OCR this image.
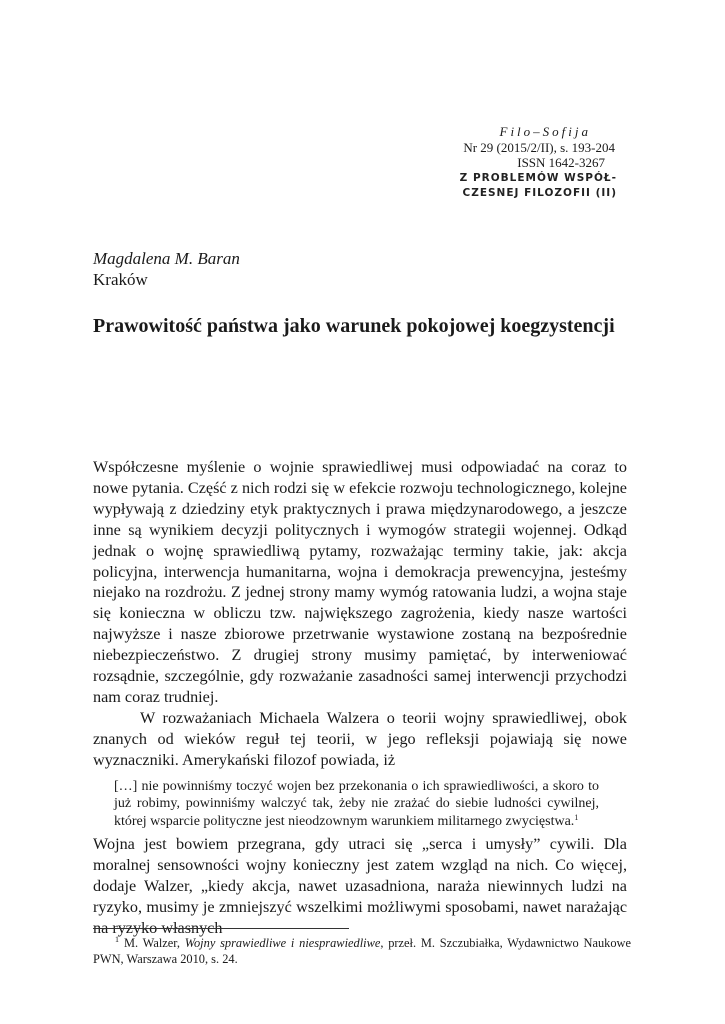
Filo–Sofija
Nr 29 (2015/2/II), s. 193-204
ISSN 1642-3267
Z PROBLEMÓW WSPÓŁ-
CZESNEJ FILOZOFII (II)
Magdalena M. Baran
Kraków
Prawowitość państwa jako warunek pokojowej koegzystencji

Współczesne myślenie o wojnie sprawiedliwej musi odpowiadać na coraz to nowe pytania. Część z nich rodzi się w efekcie rozwoju technologicznego, kolejne wypływają z dziedziny etyk praktycznych i prawa międzynarodowego, a jeszcze inne są wynikiem decyzji politycznych i wymogów strategii wojennej. Odkąd jednak o wojnę sprawiedliwą pytamy, rozważając terminy takie, jak: akcja policyjna, interwencja humanitarna, wojna i demokracja prewencyjna, jesteśmy niejako na rozdrożu. Z jednej strony mamy wymóg ratowania ludzi, a wojna staje się konieczna w obliczu tzw. największego zagrożenia, kiedy nasze wartości najwyższe i nasze zbiorowe przetrwanie wystawione zostaną na bezpośrednie niebezpieczeństwo. Z drugiej strony musimy pamiętać, by interweniować rozsądnie, szczególnie, gdy rozważanie zasadności samej interwencji przychodzi nam coraz trudniej.

W rozważaniach Michaela Walzera o teorii wojny sprawiedliwej, obok znanych od wieków reguł tej teorii, w jego refleksji pojawiają się nowe wyznaczniki. Amerykański filozof powiada, iż

[…] nie powinniśmy toczyć wojen bez przekonania o ich sprawiedliwości, a skoro to już robimy, powinniśmy walczyć tak, żeby nie zrażać do siebie ludności cywilnej, której wsparcie polityczne jest nieodzownym warunkiem militarnego zwycięstwa.$^1$

Wojna jest bowiem przegrana, gdy utraci się „serca i umysły” cywili. Dla moralnej sensowności wojny konieczny jest zatem wzgląd na nich. Co więcej, dodaje Walzer, „kiedy akcja, nawet uzasadniona, naraża niewinnych ludzi na ryzyko, musimy je zmniejszyć wszelkimi możliwymi sposobami, nawet narażając na ryzyko własnych

$^1$ M. Walzer, Wojny sprawiedliwe i niesprawiedliwe, przeł. M. Szczubiałka, Wydawnictwo Naukowe PWN, Warszawa 2010, s. 24.
